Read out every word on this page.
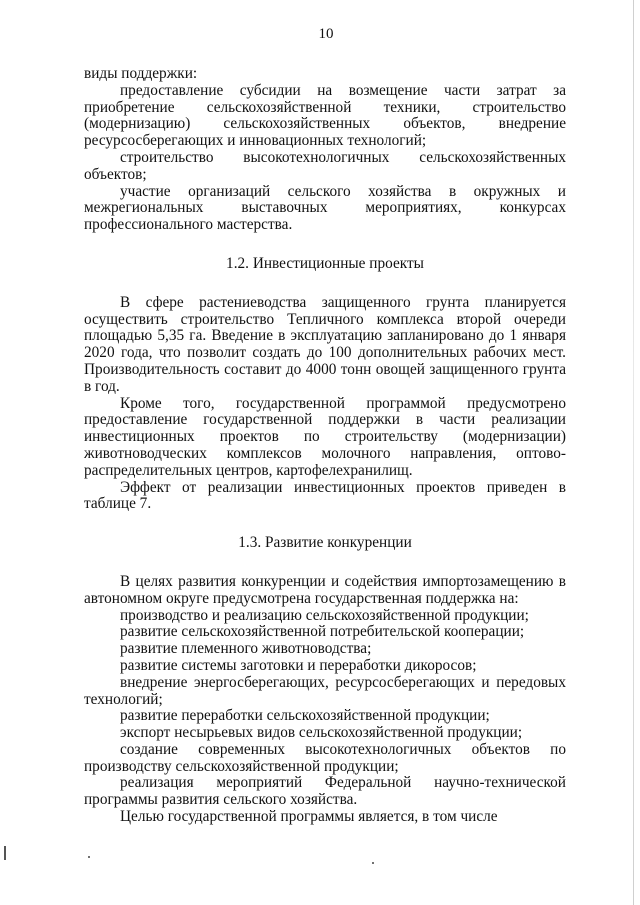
10

виды поддержки:

предоставление субсидии на возмещение части затрат за приобретение сельскохозяйственной техники, строительство (модернизацию) сельскохозяйственных объектов, внедрение ресурсосберегающих и инновационных технологий;

строительство высокотехнологичных сельскохозяйственных объектов;

участие организаций сельского хозяйства в окружных и межрегиональных выставочных мероприятиях, конкурсах профессионального мастерства.

1.2. Инвестиционные проекты

В сфере растениеводства защищенного грунта планируется осуществить строительство Тепличного комплекса второй очереди площадью 5,35 га. Введение в эксплуатацию запланировано до 1 января 2020 года, что позволит создать до 100 дополнительных рабочих мест. Производительность составит до 4000 тонн овощей защищенного грунта в год.

Кроме того, государственной программой предусмотрено предоставление государственной поддержки в части реализации инвестиционных проектов по строительству (модернизации) животноводческих комплексов молочного направления, оптово-распределительных центров, картофелехранилищ.

Эффект от реализации инвестиционных проектов приведен в таблице 7.

1.3. Развитие конкуренции

В целях развития конкуренции и содействия импортозамещению в автономном округе предусмотрена государственная поддержка на:

производство и реализацию сельскохозяйственной продукции;

развитие сельскохозяйственной потребительской кооперации;

развитие племенного животноводства;

развитие системы заготовки и переработки дикоросов;

внедрение энергосберегающих, ресурсосберегающих и передовых технологий;

развитие переработки сельскохозяйственной продукции;

экспорт несырьевых видов сельскохозяйственной продукции;

создание современных высокотехнологичных объектов по производству сельскохозяйственной продукции;

реализация мероприятий Федеральной научно-технической программы развития сельского хозяйства.

Целью государственной программы является, в том числе
